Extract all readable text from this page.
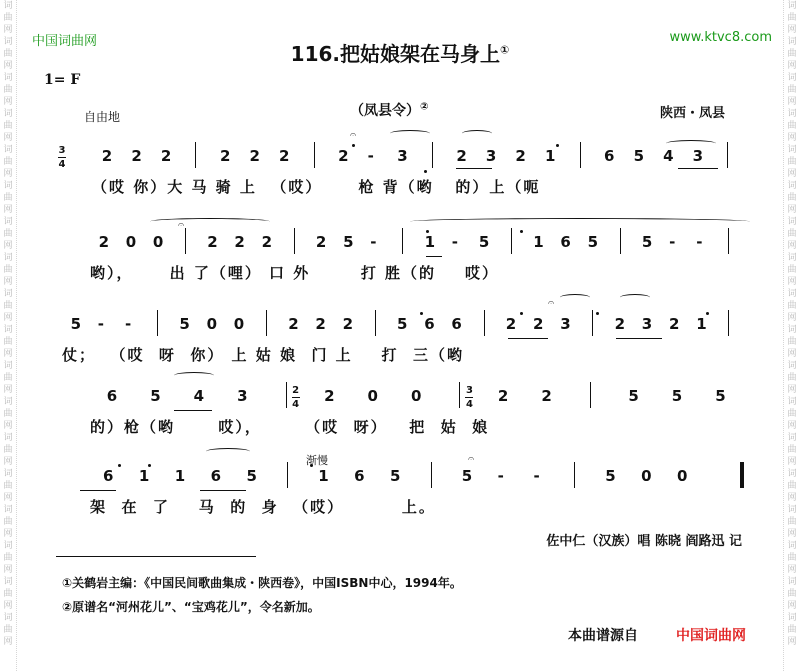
词
曲
网
词
曲
网
词
曲
网
词
曲
网
词
曲
网
词
曲
网
词
曲
网
词
曲
网
词
曲
网
词
曲
网
词
曲
网
词
曲
网
词
曲
网
词
曲
网
词
曲
网
词
曲
网
词
曲
网
词
曲
网
词
曲
网
词
曲
网
词
曲
网
词
曲
网
词
曲
网
词
曲
网
词
曲
网
词
曲
网
词
曲
网
词
曲
网
词
曲
网
词
曲
网
词
曲
网
词
曲
网
词
曲
网
词
曲
网
词
曲
网
词
曲
网
中国词曲网	www.ktvc8.com
116.把姑娘架在马身上①
1= F
自由地	（凤县令）②	陕西・凤县
3
4 2 2 2	2 2 2	2 - 3	2 3 2 1	6 5 4 3
（哎 你）大 马 骑 上  （哎）     枪 背（哟   的）上（呃
2 0 0	2 2 2	2 5 -	1 - 5	1 6 5	5 - -
哟），     出 了（哩） 口 外       打 胜（的    哎）
5 - -	5 0 0	2 2 2	5 6 6	2 2 3	2 3 2 1
仗；  （哎  呀  你） 上 姑 娘  门 上    打  三（哟
6 5 4 3	2
4 2 0 0	3
4 2 2	5 5 5
的）枪（哟      哎），      （哎  呀）   把  姑  娘
6 1 1 6 5	1 6 5	5 - -	5 0 0
架  在  了    马  的  身  （哎）        上。
𝄐
𝄐
𝄐
𝄐
渐慢
佐中仁（汉族）唱 陈晓 阎路迅 记
①关鹤岩主编：《中国民间歌曲集成・陕西卷》，中国ISBN中心，1994年。
②原谱名“河州花儿”、“宝鸡花儿”，令名新加。
本曲谱源自	中国词曲网
